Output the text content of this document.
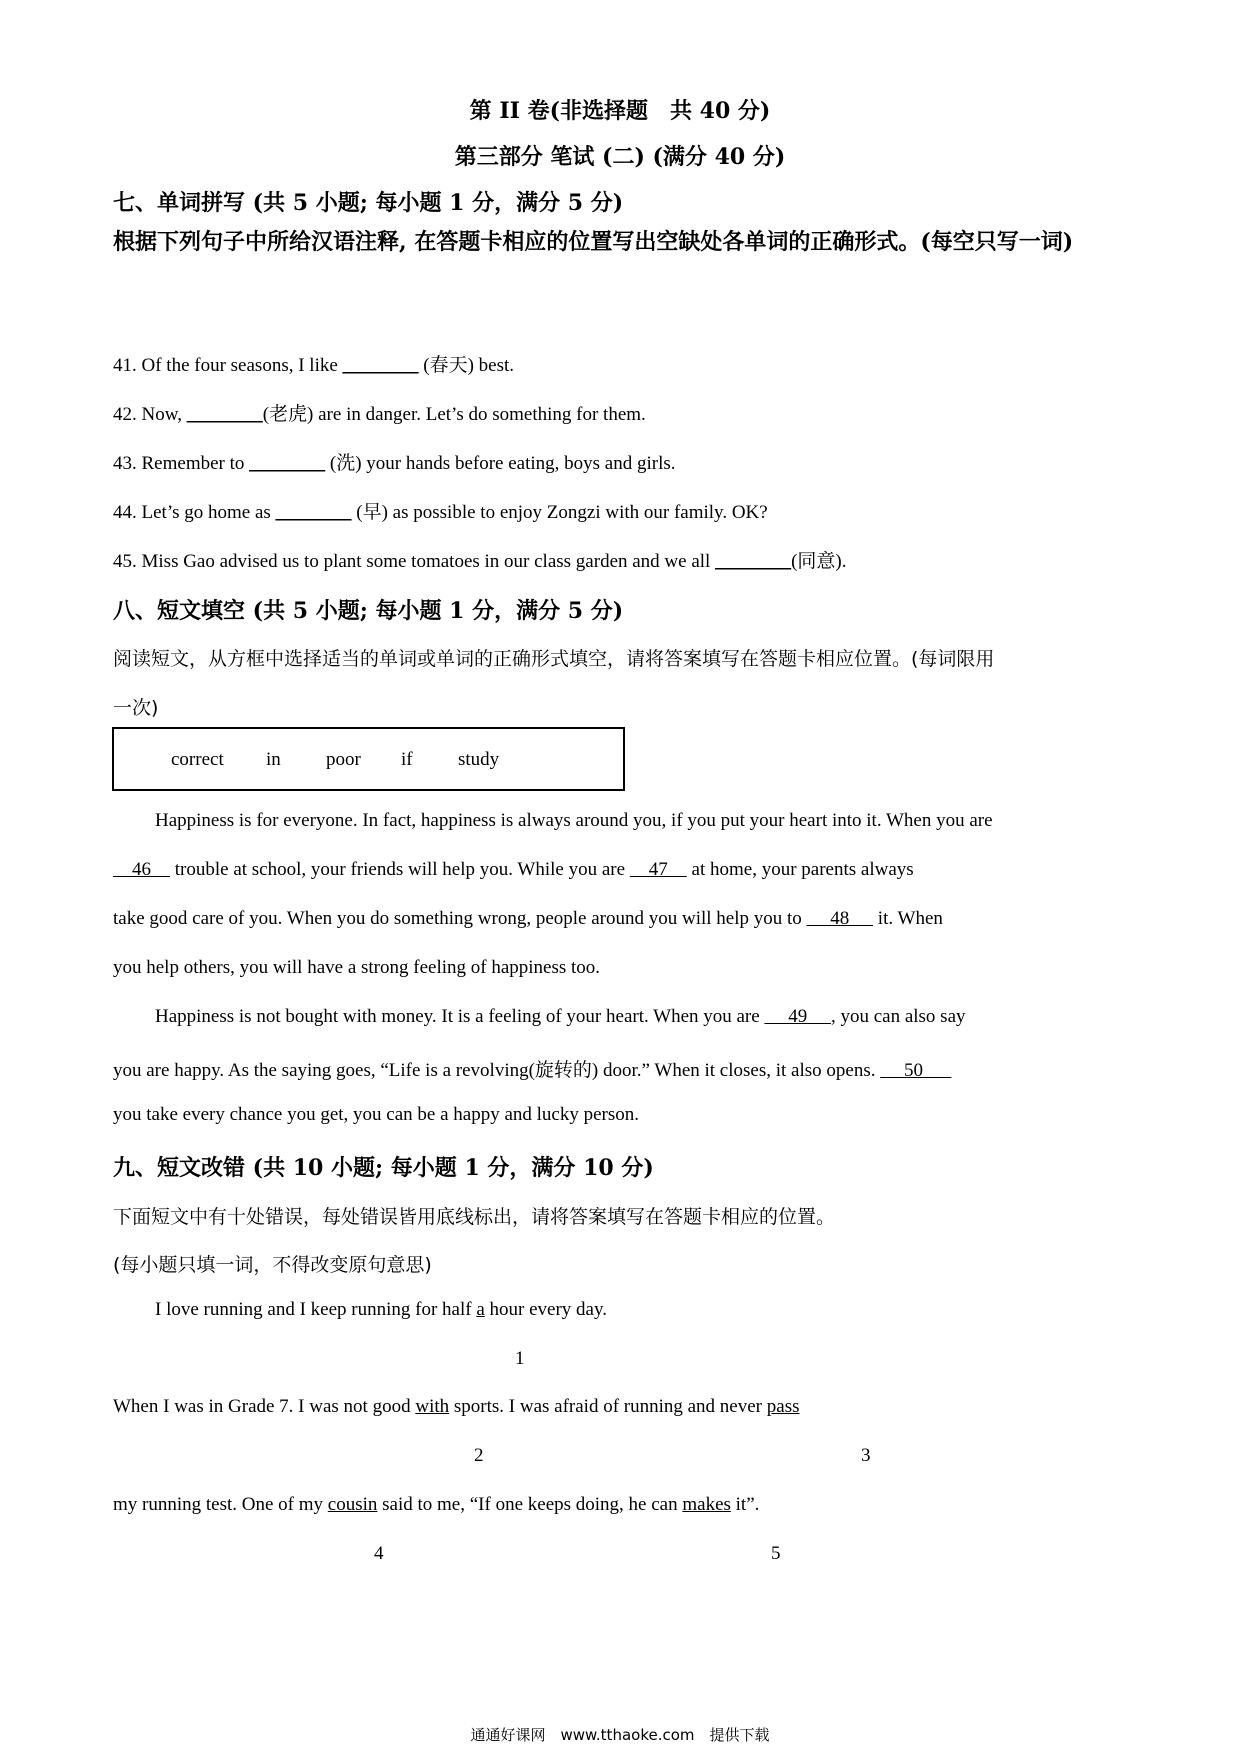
第 II 卷(非选择题　共 40 分)
第三部分 笔试 (二) (满分 40 分)
七、单词拼写 (共 5 小题; 每小题 1 分，满分 5 分)
根据下列句子中所给汉语注释, 在答题卡相应的位置写出空缺处各单词的正确形式。(每空只写一词)
41. Of the four seasons, I like ________ (春天) best.
42. Now, ________(老虎) are in danger. Let’s do something for them.
43. Remember to ________ (洗) your hands before eating, boys and girls.
44. Let’s go home as ________ (早) as possible to enjoy Zongzi with our family. OK?
45. Miss Gao advised us to plant some tomatoes in our class garden and we all ________(同意).
八、短文填空 (共 5 小题; 每小题 1 分，满分 5 分)
阅读短文，从方框中选择适当的单词或单词的正确形式填空，请将答案填写在答题卡相应位置。(每词限用
一次)
correct in poor if study
Happiness is for everyone. In fact, happiness is always around you, if you put your heart into it. When you are
46     trouble at school, your friends will help you. While you are     47     at home, your parents always
take good care of you. When you do something wrong, people around you will help you to      48      it. When
you help others, you will have a strong feeling of happiness too.
Happiness is not bought with money. It is a feeling of your heart. When you are      49     , you can also say
you are happy. As the saying goes, “Life is a revolving(旋转的) door.” When it closes, it also opens.      50
you take every chance you get, you can be a happy and lucky person.
九、短文改错 (共 10 小题; 每小题 1 分，满分 10 分)
下面短文中有十处错误，每处错误皆用底线标出，请将答案填写在答题卡相应的位置。
(每小题只填一词，不得改变原句意思)
I love running and I keep running for half a hour every day.
1
When I was in Grade 7. I was not good with sports. I was afraid of running and never pass
2	3
my running test. One of my cousin said to me, “If one keeps doing, he can makes it”.
4	5
通通好课网　www.tthaoke.com　提供下载
